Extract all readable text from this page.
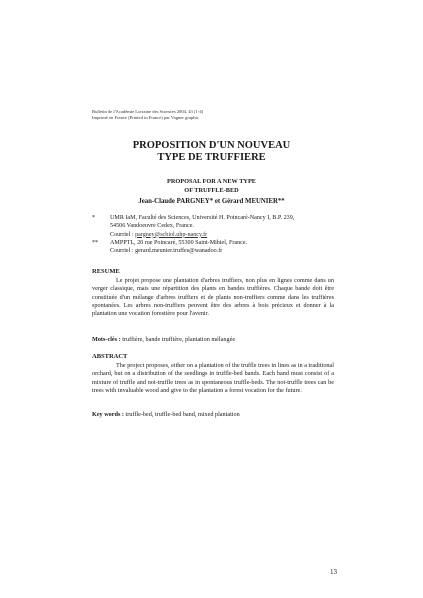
Bulletin de l'Académie Lorraine des Sciences 2004, 43 (1-4)
Imprimé en France (Printed in France) par Vagner graphic
PROPOSITION D'UN NOUVEAU
TYPE DE TRUFFIERE
PROPOSAL FOR A NEW TYPE
OF TRUFFLE-BED
Jean-Claude PARGNEY* et Gérard MEUNIER**
* UMR IaM, Faculté des Sciences, Université H. Poincaré-Nancy I, B.P. 239,
54506 Vandoeuvre Cedex, France.
Courriel : pargney@scbiol.uhp-nancy.fr
** AMPPTL, 20 rue Poincaré, 55300 Saint-Mihiel, France.
Courriel : gerard.meunier.truffes@wanadoo.fr
RESUME
Le projet propose une plantation d'arbres truffiers, non plus en lignes comme dans un verger classique, mais une répartition des plants en bandes truffières. Chaque bande doit être constituée d'un mélange d'arbres truffiers et de plants non-truffiers comme dans les truffières spontanées. Les arbres non-truffiers peuvent être des arbres à bois précieux et donner à la plantation une vocation forestière pour l'avenir.
Mots-clés : truffière, bande truffière, plantation mélangée
ABSTRACT
The project proposes, either on a plantation of the truffle trees in lines as in a traditional orchard, but on a distribution of the seedlings in truffle-bed bands. Each band must consist of a mixture of truffle and not-truffle trees as in spontaneous truffle-beds. The not-truffle trees can be trees with invaluable wood and give to the plantation a forest vocation for the future.
Key words : truffle-bed, truffle-bed band, mixed plantation
13
